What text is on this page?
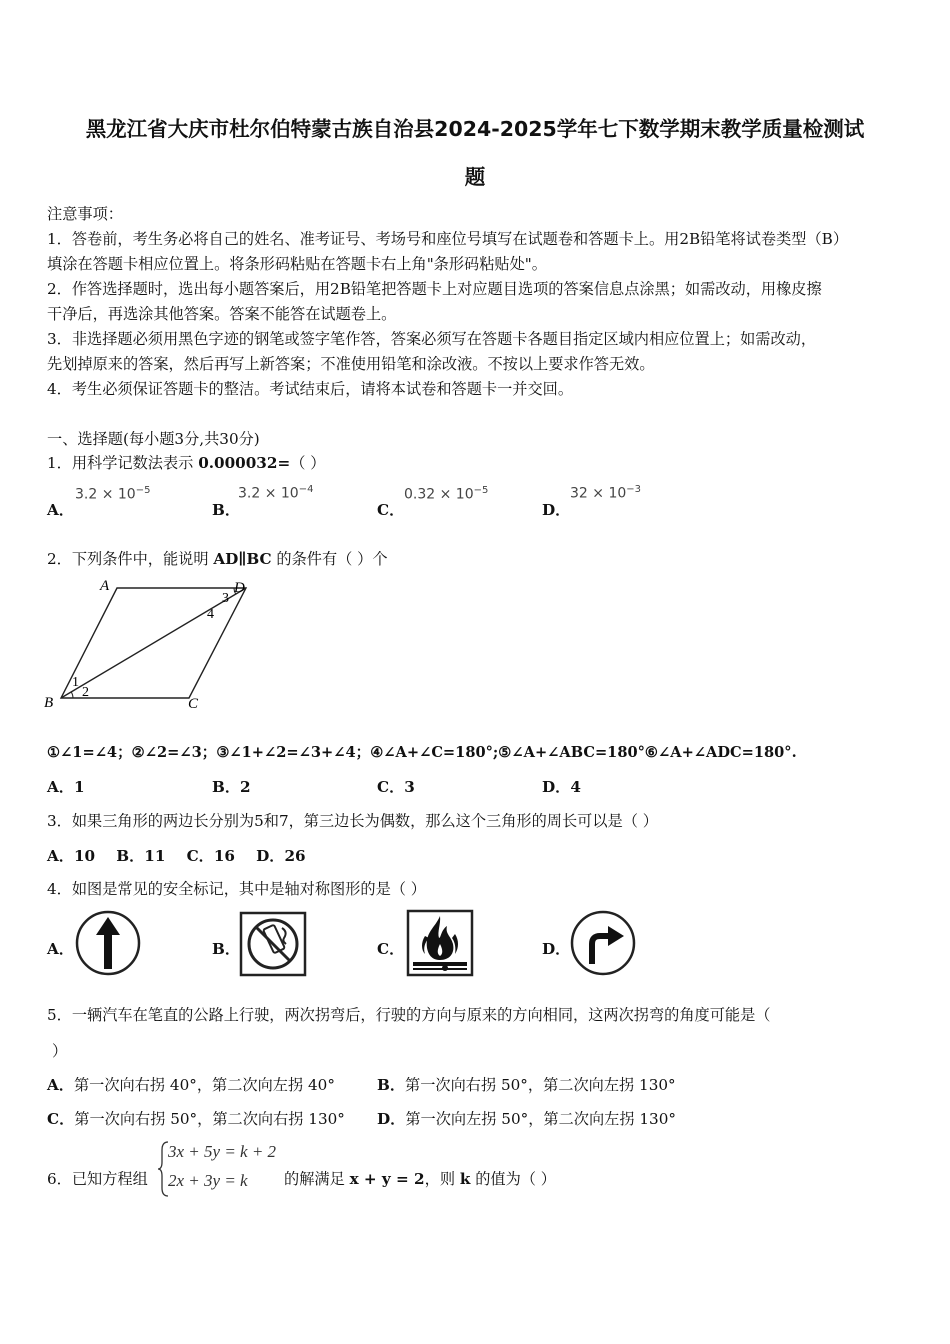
黑龙江省大庆市杜尔伯特蒙古族自治县2024-2025学年七下数学期末教学质量检测试
题
注意事项：
1．答卷前，考生务必将自己的姓名、准考证号、考场号和座位号填写在试题卷和答题卡上。用2B铅笔将试卷类型（B）
填涂在答题卡相应位置上。将条形码粘贴在答题卡右上角"条形码粘贴处"。
2．作答选择题时，选出每小题答案后，用2B铅笔把答题卡上对应题目选项的答案信息点涂黑；如需改动，用橡皮擦
干净后，再选涂其他答案。答案不能答在试题卷上。
3．非选择题必须用黑色字迹的钢笔或签字笔作答，答案必须写在答题卡各题目指定区域内相应位置上；如需改动，
先划掉原来的答案，然后再写上新答案；不准使用铅笔和涂改液。不按以上要求作答无效。
4．考生必须保证答题卡的整洁。考试结束后，请将本试卷和答题卡一并交回。
一、选择题(每小题3分,共30分)
1．用科学记数法表示 0.000032=（ ）
A．
$3.2 \times 10^{-5}$
B．
$3.2 \times 10^{-4}$
C．
$0.32 \times 10^{-5}$
D．
$32 \times 10^{-3}$
2．下列条件中，能说明 AD∥BC 的条件有（ ）个
A
B	C
D
1
2
3
4
①∠1=∠4；②∠2=∠3；③∠1+∠2=∠3+∠4；④∠A+∠C=180°;⑤∠A+∠ABC=180°⑥∠A+∠ADC=180°.
A．1	B．2	C．3	D．4
3．如果三角形的两边长分别为5和7，第三边长为偶数，那么这个三角形的周长可以是（ ）
A．10    B．11    C．16    D．26
4．如图是常见的安全标记，其中是轴对称图形的是（ ）
A．	B．	C．	D．
5．一辆汽车在笔直的公路上行驶，两次拐弯后，行驶的方向与原来的方向相同，这两次拐弯的角度可能是（
）
A．第一次向右拐 40°，第二次向左拐 40°	B．第一次向右拐 50°，第二次向左拐 130°
C．第一次向右拐 50°，第二次向右拐 130° D．第一次向左拐 50°，第二次向左拐 130°
6．已知方程组
3x + 5y = k + 2
2x + 3y = k 的解满足 x + y = 2，则 k 的值为（ ）
